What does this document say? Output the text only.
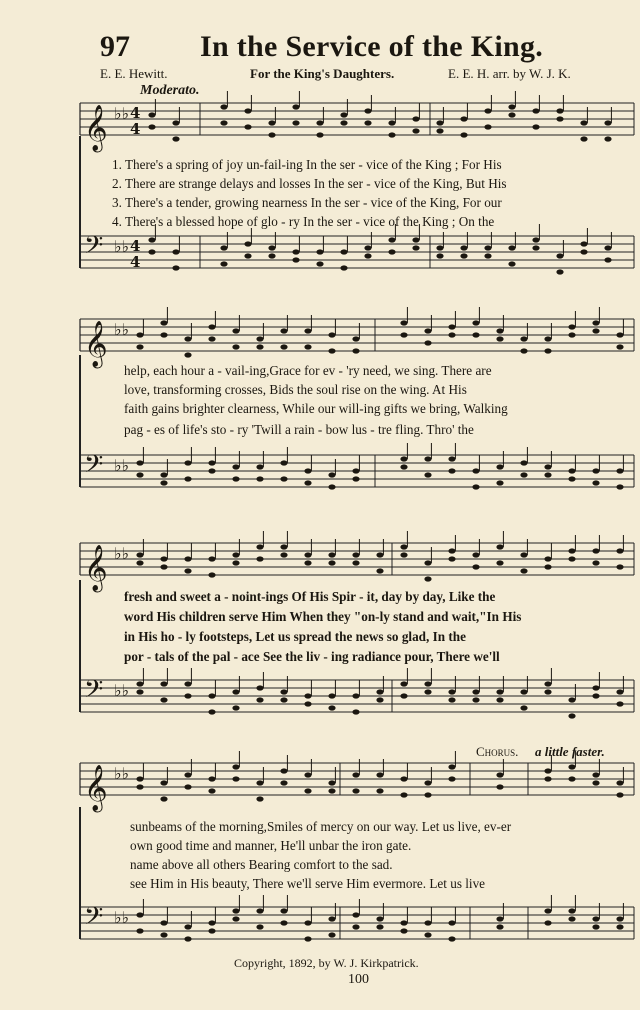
𝄞 ♭♭ 4
4
𝄢 ♭♭ 4
4
𝄞 ♭♭
𝄢 ♭♭
𝄞 ♭♭
𝄢 ♭♭
𝄞 ♭♭
𝄢 ♭♭
97 In the Service of the King.
E. E. Hewitt.	For the King's Daughters.	E. E. H. arr. by W. J. K.
Moderato.
1. There's a spring of joy un-fail-ing In the ser - vice of the King ; For His
2. There are strange delays and losses In the ser - vice of the King, But His
3. There's a tender, growing nearness In the ser - vice of the King, For our
4. There's a blessed hope of glo - ry In the ser - vice of the King ; On the
help, each hour a - vail-ing,Grace for ev - 'ry need, we sing. There are
love, transforming crosses, Bids the soul rise on the wing. At His
faith gains brighter clearness, While our will-ing gifts we bring, Walking
pag - es of life's sto - ry 'Twill a rain - bow lus - tre fling. Thro' the
fresh and sweet a - noint-ings Of His Spir - it, day by day, Like the
word His children serve Him When they "on-ly stand and wait,"In His
in His ho - ly footsteps, Let us spread the news so glad, In the
por - tals of the pal - ace See the liv - ing radiance pour, There we'll
Chorus. a little faster.
sunbeams of the morning,Smiles of mercy on our way. Let us live, ev-er
own good time and manner, He'll unbar the iron gate.
name above all others Bearing comfort to the sad.
see Him in His beauty, There we'll serve Him evermore. Let us live
Copyright, 1892, by W. J. Kirkpatrick.
100
